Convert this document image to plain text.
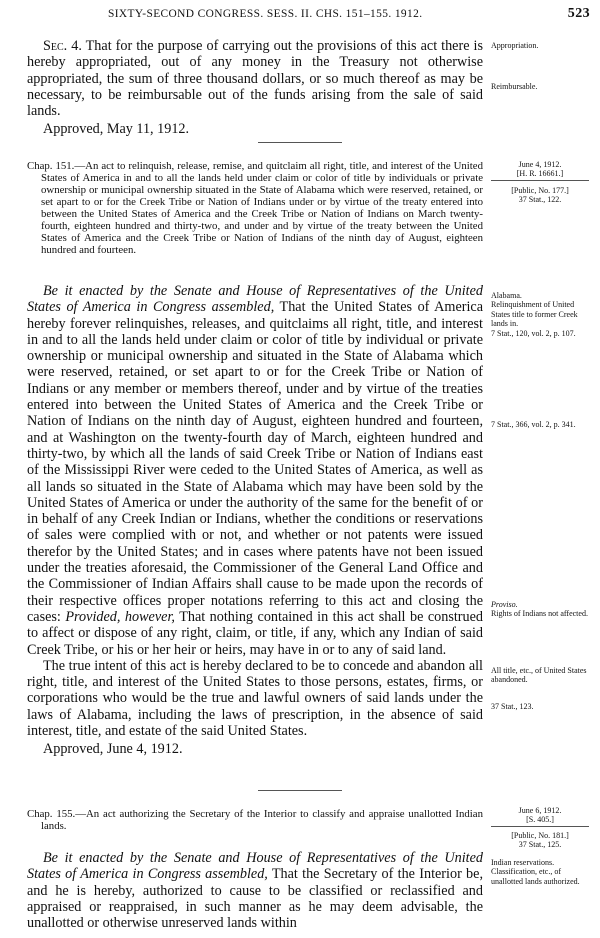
SIXTY-SECOND CONGRESS. SESS. II. CHS. 151–155. 1912.	523

Sec. 4. That for the purpose of carrying out the provisions of this act there is hereby appropriated, out of any money in the Treasury not otherwise appropriated, the sum of three thousand dollars, or so much thereof as may be necessary, to be reimbursable out of the funds arising from the sale of said lands.

Approved, May 11, 1912.

Appropriation.
Reimbursable.

Chap. 151.—An act to relinquish, release, remise, and quitclaim all right, title, and interest of the United States of America in and to all the lands held under claim or color of title by individuals or private ownership or municipal ownership situated in the State of Alabama which were reserved, retained, or set apart to or for the Creek Tribe or Nation of Indians under or by virtue of the treaty entered into between the United States of America and the Creek Tribe or Nation of Indians on March twenty-fourth, eighteen hundred and thirty-two, and under and by virtue of the treaty between the United States of America and the Creek Tribe or Nation of Indians of the ninth day of August, eighteen hundred and fourteen.

June 4, 1912.
[H. R. 16661.]
[Public, No. 177.]
37 Stat., 122.

Be it enacted by the Senate and House of Representatives of the United States of America in Congress assembled, That the United States of America hereby forever relinquishes, releases, and quitclaims all right, title, and interest in and to all the lands held under claim or color of title by individual or private ownership or municipal ownership and situated in the State of Alabama which were reserved, retained, or set apart to or for the Creek Tribe or Nation of Indians or any member or members thereof, under and by virtue of the treaties entered into between the United States of America and the Creek Tribe or Nation of Indians on the ninth day of August, eighteen hundred and fourteen, and at Washington on the twenty-fourth day of March, eighteen hundred and thirty-two, by which all the lands of said Creek Tribe or Nation of Indians east of the Mississippi River were ceded to the United States of America, as well as all lands so situated in the State of Alabama which may have been sold by the United States of America or under the authority of the same for the benefit of or in behalf of any Creek Indian or Indians, whether the conditions or reservations of sales were complied with or not, and whether or not patents were issued therefor by the United States; and in cases where patents have not been issued under the treaties aforesaid, the Commissioner of the General Land Office and the Commissioner of Indian Affairs shall cause to be made upon the records of their respective offices proper notations referring to this act and closing the cases: Provided, however, That nothing contained in this act shall be construed to affect or dispose of any right, claim, or title, if any, which any Indian of said Creek Tribe, or his or her heir or heirs, may have in or to any of said land.

The true intent of this act is hereby declared to be to concede and abandon all right, title, and interest of the United States to those persons, estates, firms, or corporations who would be the true and lawful owners of said lands under the laws of Alabama, including the laws of prescription, in the absence of said interest, title, and estate of the said United States.

Approved, June 4, 1912.

Alabama.
Relinquishment of United States title to former Creek lands in.
7 Stat., 120, vol. 2, p. 107.
7 Stat., 366, vol. 2, p. 341.
Proviso.
Rights of Indians not affected.
All title, etc., of United States abandoned.
37 Stat., 123.

Chap. 155.—An act authorizing the Secretary of the Interior to classify and appraise unallotted Indian lands.

June 6, 1912.
[S. 405.]
[Public, No. 181.]
37 Stat., 125.

Be it enacted by the Senate and House of Representatives of the United States of America in Congress assembled, That the Secretary of the Interior be, and he is hereby, authorized to cause to be classified or reclassified and appraised or reappraised, in such manner as he may deem advisable, the unallotted or otherwise unreserved lands within

Indian reservations.
Classification, etc., of unallotted lands authorized.
